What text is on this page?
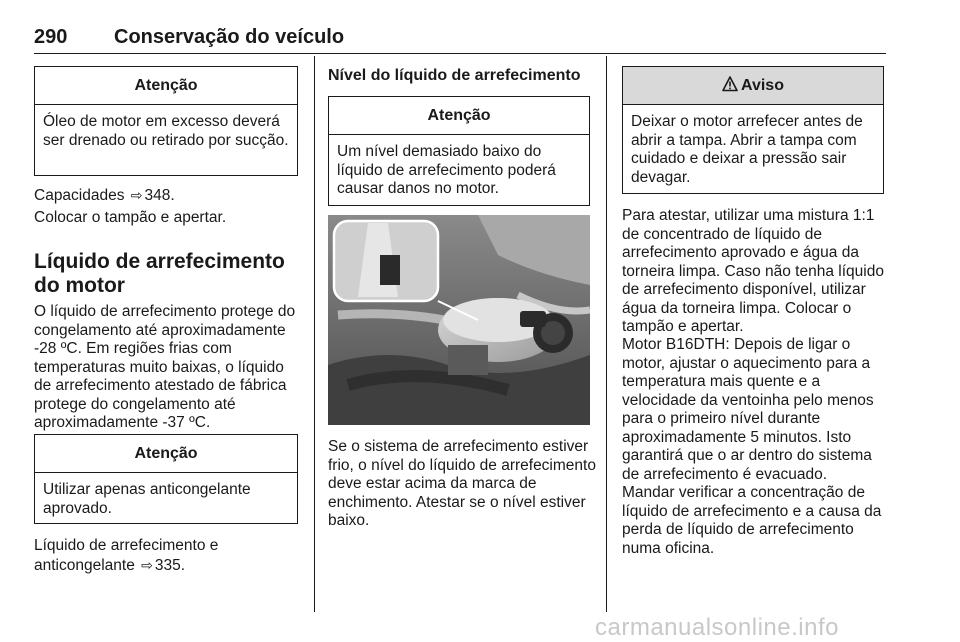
290 Conservação do veículo
Atenção
Óleo de motor em excesso deverá ser drenado ou retirado por sucção.
Capacidades ⇨ 348.
Colocar o tampão e apertar.
Líquido de arrefecimento do motor
O líquido de arrefecimento protege do congelamento até aproximadamente -28 ºC. Em regiões frias com temperaturas muito baixas, o líquido de arrefecimento atestado de fábrica protege do congelamento até aproximadamente -37 ºC.
Atenção
Utilizar apenas anticongelante aprovado.
Líquido de arrefecimento e anticongelante ⇨ 335.
Nível do líquido de arrefecimento
Atenção
Um nível demasiado baixo do líquido de arrefecimento poderá causar danos no motor.
Se o sistema de arrefecimento estiver frio, o nível do líquido de arrefecimento deve estar acima da marca de enchimento. Atestar se o nível estiver baixo.
Aviso
Deixar o motor arrefecer antes de abrir a tampa. Abrir a tampa com cuidado e deixar a pressão sair devagar.
Para atestar, utilizar uma mistura 1:1 de concentrado de líquido de arrefecimento aprovado e água da torneira limpa. Caso não tenha líquido de arrefecimento disponível, utilizar água da torneira limpa. Colocar o tampão e apertar.
Motor B16DTH: Depois de ligar o motor, ajustar o aquecimento para a temperatura mais quente e a velocidade da ventoinha pelo menos para o primeiro nível durante aproximadamente 5 minutos. Isto garantirá que o ar dentro do sistema de arrefecimento é evacuado.
Mandar verificar a concentração de líquido de arrefecimento e a causa da perda de líquido de arrefecimento numa oficina.
carmanualsonline.info
